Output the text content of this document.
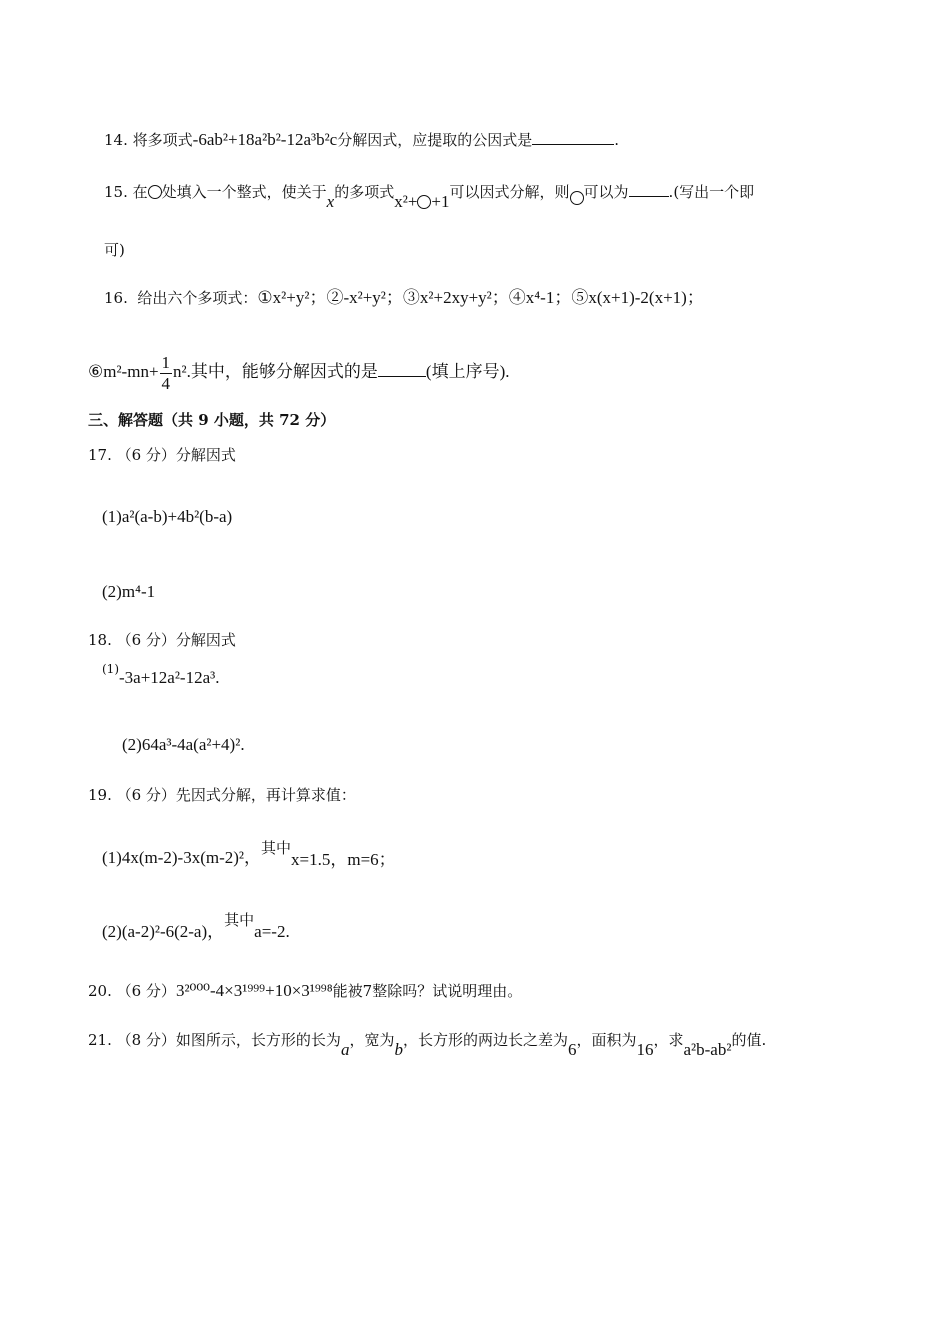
14. 将多项式-6ab²+18a²b²-12a³b²c分解因式，应提取的公因式是	.
15. 在 处填入一个整式，使关于x的多项式x²+ +1可以因式分解，则 可以为	.(写出一个即
可)
16. 给出六个多项式：①x²+y²；②-x²+y²；③x²+2xy+y²；④x⁴-1；⑤x(x+1)-2(x+1)；
⑥m²-mn+ $\frac{1}{4} n^2$.其中，能够分解因式的是	(填上序号).
三、解答题（共 9 小题，共 72 分）
17. （6 分）分解因式
(1)a²(a-b)+4b²(b-a)
(2)m⁴-1
18. （6 分）分解因式
$^{(1)}$-3a+12a²-12a³.
(2)64a³-4a(a²+4)².
19. （6 分）先因式分解，再计算求值：
(1)4x(m-2)-3x(m-2)²，其中x=1.5，m=6；
(2)(a-2)²-6(2-a)，其中a=-2.
20. （6 分）3²⁰⁰⁰-4×3¹⁹⁹⁹+10×3¹⁹⁹⁸能被7整除吗？试说明理由。
21. （8 分）如图所示，长方形的长为a，宽为b，长方形的两边长之差为6，面积为16，求a²b-ab²的值.
